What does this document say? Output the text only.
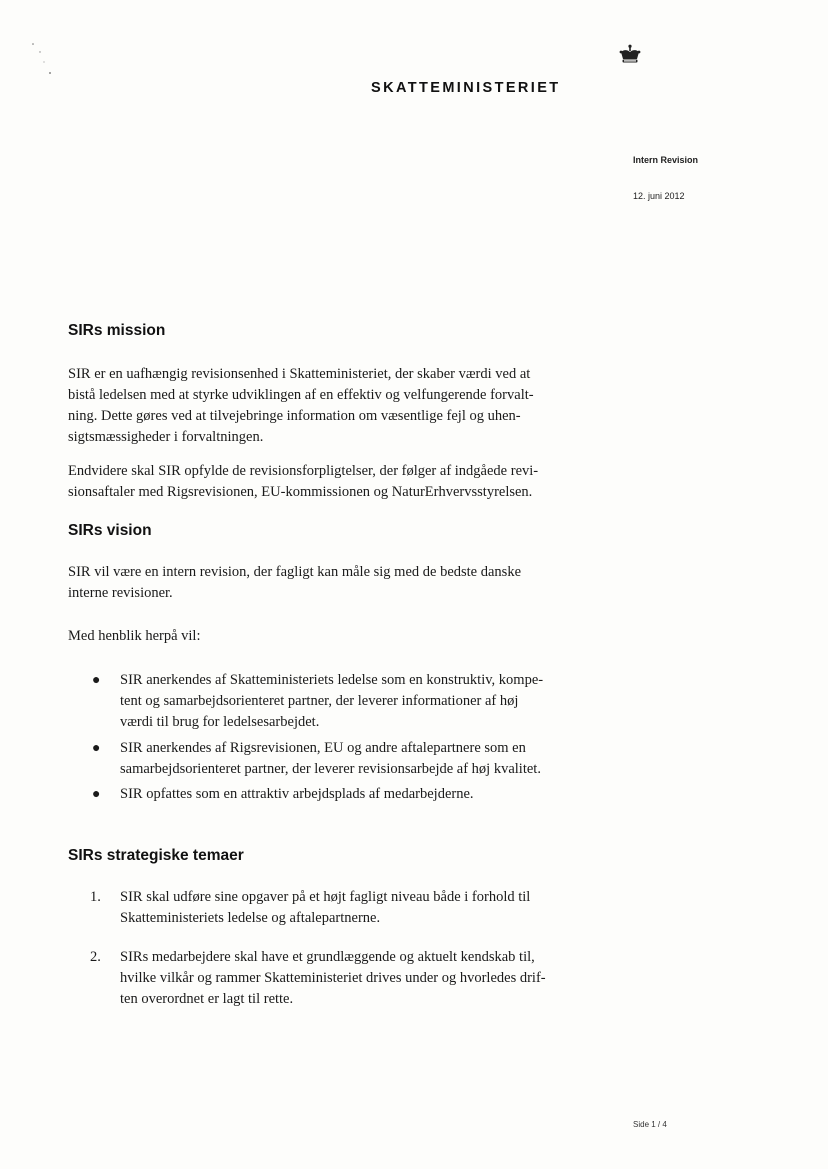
SKATTEMINISTERIET
Intern Revision
12. juni 2012
SIRs mission

SIR er en uafhængig revisionsenhed i Skatteministeriet, der skaber værdi ved at
bistå ledelsen med at styrke udviklingen af en effektiv og velfungerende forvalt-
ning. Dette gøres ved at tilvejebringe information om væsentlige fejl og uhen-
sigtsmæssigheder i forvaltningen.

Endvidere skal SIR opfylde de revisionsforpligtelser, der følger af indgåede revi-
sionsaftaler med Rigsrevisionen, EU-kommissionen og NaturErhvervsstyrelsen.

SIRs vision

SIR vil være en intern revision, der fagligt kan måle sig med de bedste danske
interne revisioner.

Med henblik herpå vil:

● SIR anerkendes af Skatteministeriets ledelse som en konstruktiv, kompe-
tent og samarbejdsorienteret partner, der leverer informationer af høj
værdi til brug for ledelsesarbejdet.
● SIR anerkendes af Rigsrevisionen, EU og andre aftalepartnere som en
samarbejdsorienteret partner, der leverer revisionsarbejde af høj kvalitet.
● SIR opfattes som en attraktiv arbejdsplads af medarbejderne.
SIRs strategiske temaer
1. SIR skal udføre sine opgaver på et højt fagligt niveau både i forhold til
Skatteministeriets ledelse og aftalepartnerne.
2. SIRs medarbejdere skal have et grundlæggende og aktuelt kendskab til,
hvilke vilkår og rammer Skatteministeriet drives under og hvorledes drif-
ten overordnet er lagt til rette.
Side 1 / 4
